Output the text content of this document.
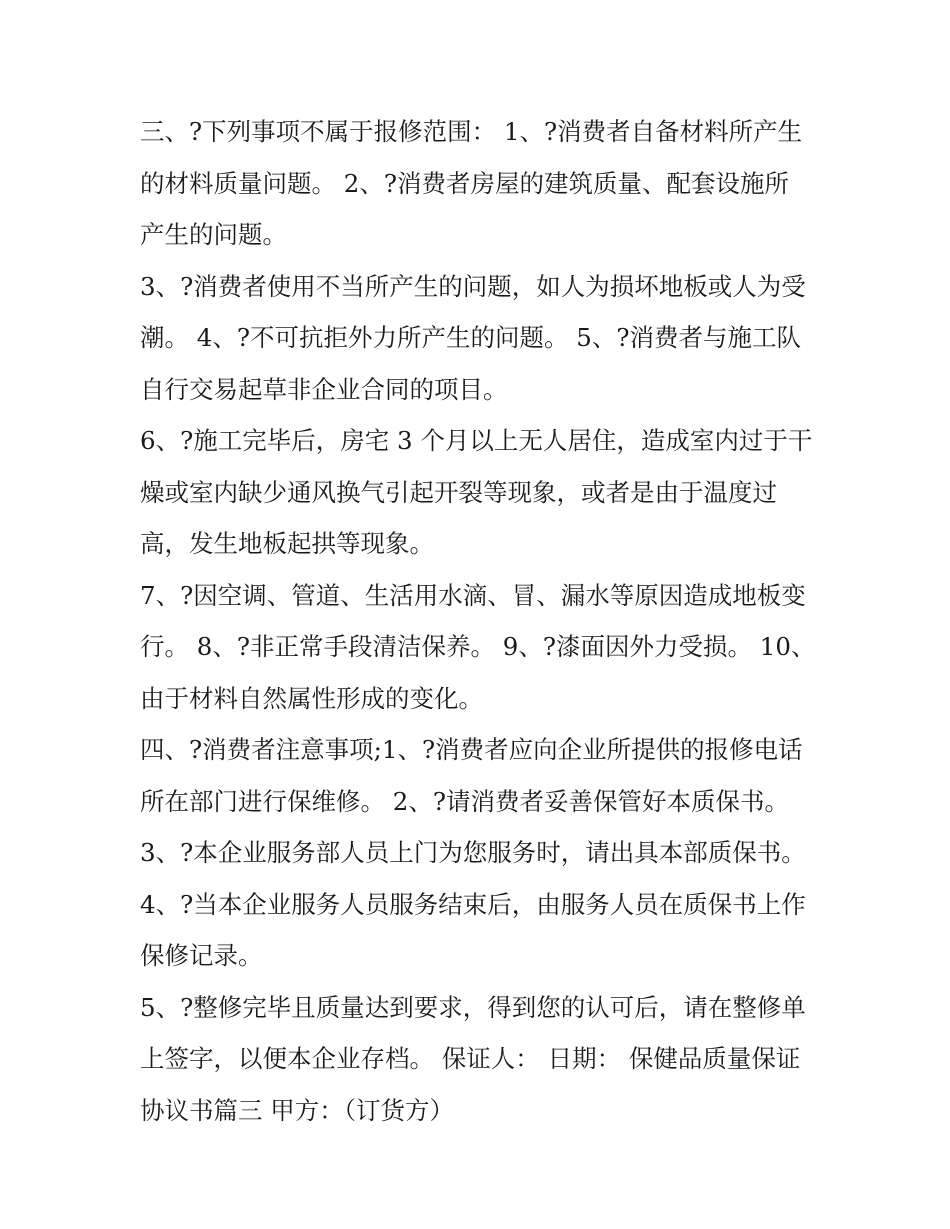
三、?下列事项不属于报修范围： 1、?消费者自备材料所产生
的材料质量问题。 2、?消费者房屋的建筑质量、配套设施所
产生的问题。

3、?消费者使用不当所产生的问题，如人为损坏地板或人为受
潮。 4、?不可抗拒外力所产生的问题。 5、?消费者与施工队
自行交易起草非企业合同的项目。

6、?施工完毕后，房宅 3 个月以上无人居住，造成室内过于干
燥或室内缺少通风换气引起开裂等现象，或者是由于温度过
高，发生地板起拱等现象。

7、?因空调、管道、生活用水滴、冒、漏水等原因造成地板变
行。 8、?非正常手段清洁保养。 9、?漆面因外力受损。 10、
由于材料自然属性形成的变化。

四、?消费者注意事项;1、?消费者应向企业所提供的报修电话
所在部门进行保维修。 2、?请消费者妥善保管好本质保书。

3、?本企业服务部人员上门为您服务时，请出具本部质保书。

4、?当本企业服务人员服务结束后，由服务人员在质保书上作
保修记录。

5、?整修完毕且质量达到要求，得到您的认可后，请在整修单
上签字，以便本企业存档。 保证人： 日期： 保健品质量保证
协议书篇三 甲方：（订货方）
